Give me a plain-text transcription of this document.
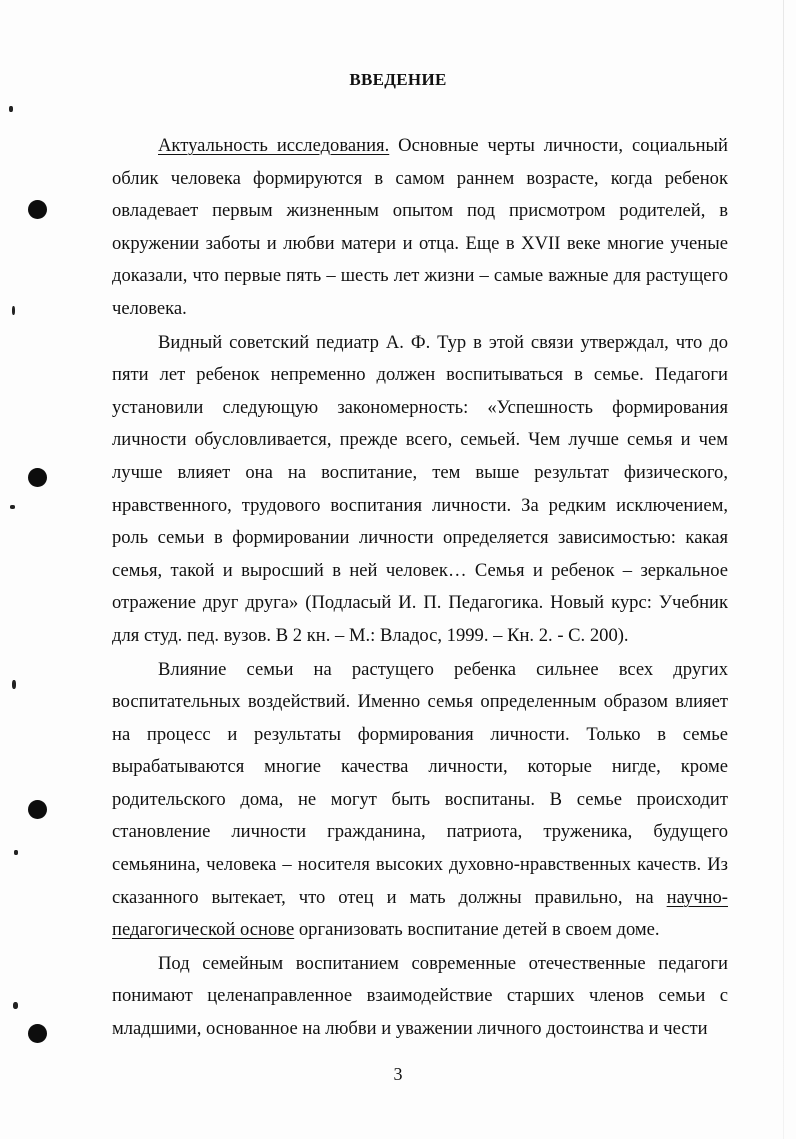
ВВЕДЕНИЕ

Актуальность исследования. Основные черты личности, социальный облик человека формируются в самом раннем возрасте, когда ребенок овладевает первым жизненным опытом под присмотром родителей, в окружении заботы и любви матери и отца. Еще в XVII веке многие ученые доказали, что первые пять – шесть лет жизни – самые важные для растущего человека.

Видный советский педиатр А. Ф. Тур в этой связи утверждал, что до пяти лет ребенок непременно должен воспитываться в семье. Педагоги установили следующую закономерность: «Успешность формирования личности обусловливается, прежде всего, семьей. Чем лучше семья и чем лучше влияет она на воспитание, тем выше результат физического, нравственного, трудового воспитания личности. За редким исключением, роль семьи в формировании личности определяется зависимостью: какая семья, такой и выросший в ней человек… Семья и ребенок – зеркальное отражение друг друга» (Подласый И. П. Педагогика. Новый курс: Учебник для студ. пед. вузов. В 2 кн. – М.: Владос, 1999. – Кн. 2. - С. 200).

Влияние семьи на растущего ребенка сильнее всех других воспитательных воздействий. Именно семья определенным образом влияет на процесс и результаты формирования личности. Только в семье вырабатываются многие качества личности, которые нигде, кроме родительского дома, не могут быть воспитаны. В семье происходит становление личности гражданина, патриота, труженика, будущего семьянина, человека – носителя высоких духовно-нравственных качеств. Из сказанного вытекает, что отец и мать должны правильно, на научно-педагогической основе организовать воспитание детей в своем доме.

Под семейным воспитанием современные отечественные педагоги понимают целенаправленное взаимодействие старших членов семьи с младшими, основанное на любви и уважении личного достоинства и чести

3
